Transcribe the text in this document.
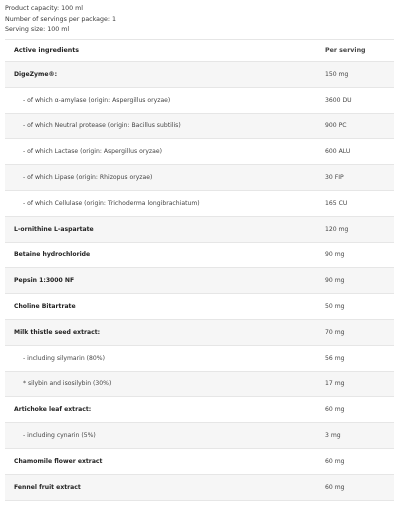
Product capacity: 100 ml
Number of servings per package: 1
Serving size: 100 ml
Active ingredients	Per serving
DigeZyme®:	150 mg
- of which α-amylase (origin: Aspergillus oryzae)	3600 DU
- of which Neutral protease (origin: Bacillus subtilis)	900 PC
- of which Lactase (origin: Aspergillus oryzae)	600 ALU
- of which Lipase (origin: Rhizopus oryzae)	30 FIP
- of which Cellulase (origin: Trichoderma longibrachiatum)	165 CU
L-ornithine L-aspartate	120 mg
Betaine hydrochloride	90 mg
Pepsin 1:3000 NF	90 mg
Choline Bitartrate	50 mg
Milk thistle seed extract:	70 mg
- including silymarin (80%)	56 mg
* silybin and isosilybin (30%)	17 mg
Artichoke leaf extract:	60 mg
- including cynarin (5%)	3 mg
Chamomile flower extract	60 mg
Fennel fruit extract	60 mg
